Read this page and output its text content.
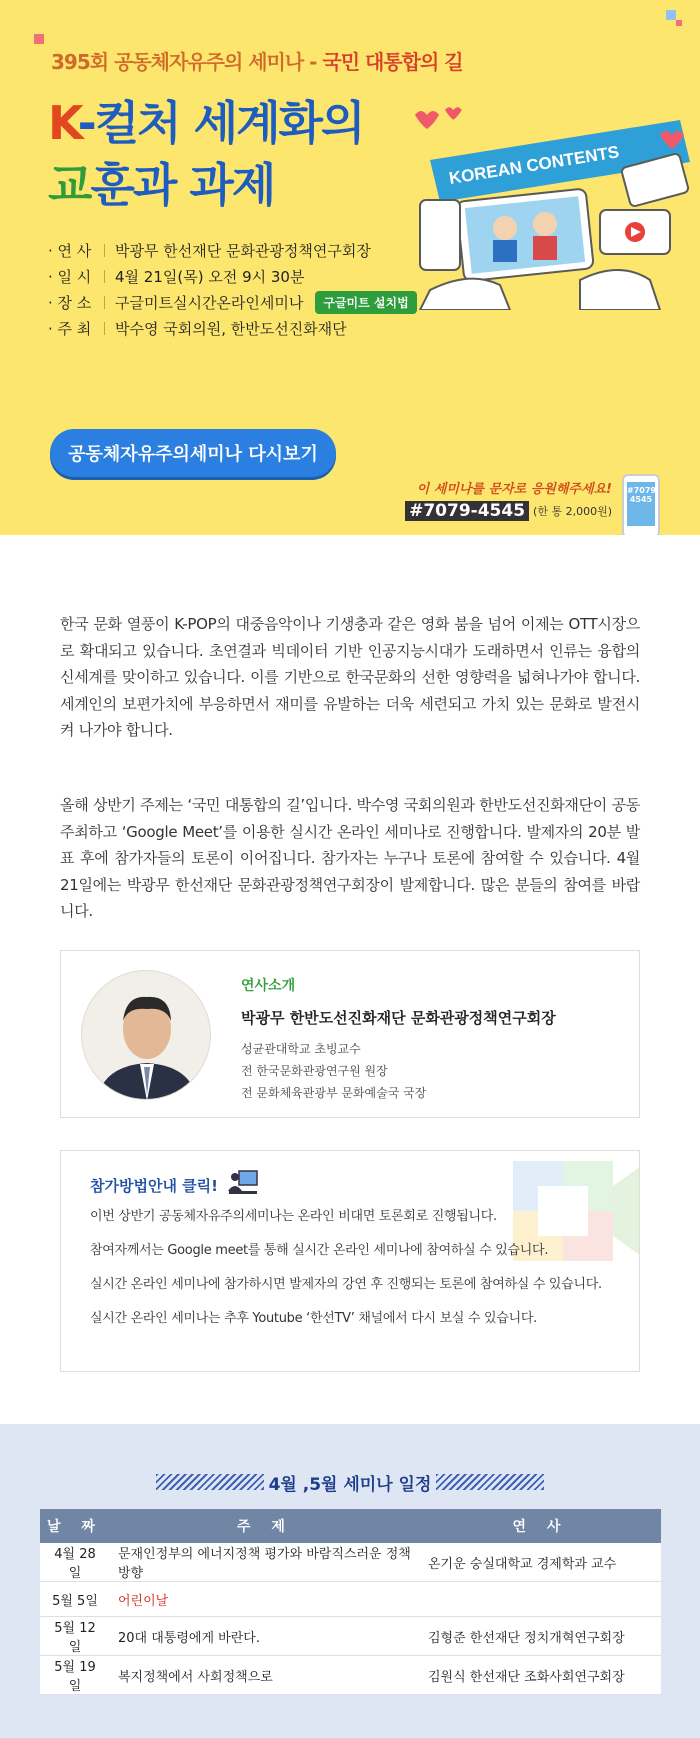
395회 공동체자유주의 세미나 - 국민 대통합의 길
K-컬처 세계화의
교훈과 과제
· 연 사 박광무 한선재단 문화관광정책연구회장
· 일 시 4월 21일(목) 오전 9시 30분
· 장 소 구글미트실시간온라인세미나	구글미트 설치법
· 주 최 박수영 국회의원, 한반도선진화재단
KOREAN CONTENTS
공동체자유주의세미나 다시보기
이 세미나를 문자로 응원해주세요!
#7079-4545 (한 통 2,000원)
#7079 4545

한국 문화 열풍이 K-POP의 대중음악이나 기생충과 같은 영화 붐을 넘어 이제는 OTT시장으로 확대되고 있습니다. 초연결과 빅데이터 기반 인공지능시대가 도래하면서 인류는 융합의 신세계를 맞이하고 있습니다. 이를 기반으로 한국문화의 선한 영향력을 넓혀나가야 합니다. 세계인의 보편가치에 부응하면서 재미를 유발하는 더욱 세련되고 가치 있는 문화로 발전시켜 나가야 합니다.

올해 상반기 주제는 ‘국민 대통합의 길’입니다. 박수영 국회의원과 한반도선진화재단이 공동 주최하고 ‘Google Meet’를 이용한 실시간 온라인 세미나로 진행합니다. 발제자의 20분 발표 후에 참가자들의 토론이 이어집니다. 참가자는 누구나 토론에 참여할 수 있습니다. 4월 21일에는 박광무 한선재단 문화관광정책연구회장이 발제합니다. 많은 분들의 참여를 바랍니다.

연사소개
박광무 한반도선진화재단 문화관광정책연구회장
성균관대학교 초빙교수
전 한국문화관광연구원 원장
전 문화체육관광부 문화예술국 국장
참가방법안내 클릭!
이번 상반기 공동체자유주의세미나는 온라인 비대면 토론회로 진행됩니다.
참여자께서는 Google meet를 통해 실시간 온라인 세미나에 참여하실 수 있습니다.
실시간 온라인 세미나에 참가하시면 발제자의 강연 후 진행되는 토론에 참여하실 수 있습니다.
실시간 온라인 세미나는 추후 Youtube ‘한선TV’ 채널에서 다시 보실 수 있습니다.
4월 ,5월 세미나 일정
날 짜	주 제	연 사
4월 28일	문재인정부의 에너지정책 평가와 바람직스러운 정책 방향	온기운 숭실대학교 경제학과 교수
5월 5일	어린이날	
5월 12일	20대 대통령에게 바란다.	김형준 한선재단 정치개혁연구회장
5월 19일	복지정책에서 사회정책으로	김원식 한선재단 조화사회연구회장
